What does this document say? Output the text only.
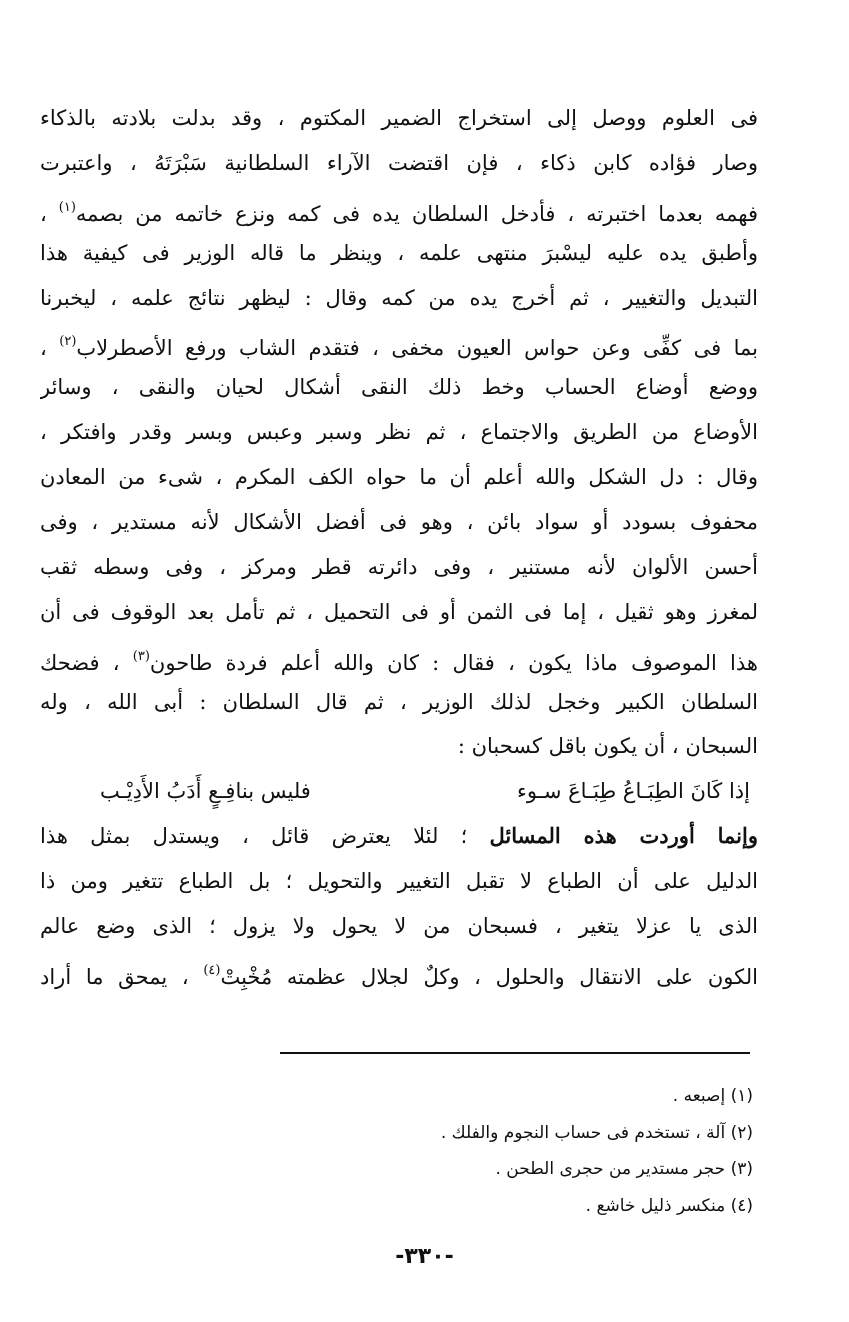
فى العلوم ووصل إلى استخراج الضمير المكتوم ، وقد بدلت بلادته بالذكاء
وصار فؤاده كابن ذكاء ، فإن اقتضت الآراء السلطانية سَبْرَتَهُ ، واعتبرت
فهمه بعدما اختبرته ، فأدخل السلطان يده فى كمه ونزع خاتمه من بصمه$^{(١)}$ ،
وأطبق يده عليه ليسْبرَ منتهى علمه ، وينظر ما قاله الوزير فى كيفية هذا
التبديل والتغيير ، ثم أخرج يده من كمه وقال : ليظهر نتائج علمه ، ليخبرنا
بما فى كفِّى وعن حواس العيون مخفى ، فتقدم الشاب ورفع الأصطرلاب$^{(٢)}$ ،
ووضع أوضاع الحساب وخط ذلك النقى أشكال لحيان والنقى ، وسائر
الأوضاع من الطريق والاجتماع ، ثم نظر وسبر وعبس وبسر وقدر وافتكر ،
وقال : دل الشكل والله أعلم أن ما حواه الكف المكرم ، شىء من المعادن
محفوف بسودد أو سواد بائن ، وهو فى أفضل الأشكال لأنه مستدير ، وفى
أحسن الألوان لأنه مستنير ، وفى دائرته قطر ومركز ، وفى وسطه ثقب
لمغرز وهو ثقيل ، إما فى الثمن أو فى التحميل ، ثم تأمل بعد الوقوف فى أن
هذا الموصوف ماذا يكون ، فقال : كان والله أعلم فردة طاحون$^{(٣)}$ ، فضحك
السلطان الكبير وخجل لذلك الوزير ، ثم قال السلطان : أبى الله ، وله
السبحان ، أن يكون باقل كسحبان :
إذا كَانَ الطِبَـاعُ طِبَـاعَ سـوء
فليس بنافِـعٍ أَدَبُ الأَدِيْـب
وإنما أوردت هذه المسائل ؛ لئلا يعترض قائل ، ويستدل بمثل هذا
الدليل على أن الطباع لا تقبل التغيير والتحويل ؛ بل الطباع تتغير ومن ذا
الذى يا عزلا يتغير ، فسبحان من لا يحول ولا يزول ؛ الذى وضع عالم
الكون على الانتقال والحلول ، وكلٌ لجلال عظمته مُخْبِتْ$^{(٤)}$ ، يمحق ما أراد
(١) إصبعه .
(٢) آلة ، تستخدم فى حساب النجوم والفلك .
(٣) حجر مستدير من حجرى الطحن .
(٤) منكسر ذليل خاشع .
-٣٣٠-
